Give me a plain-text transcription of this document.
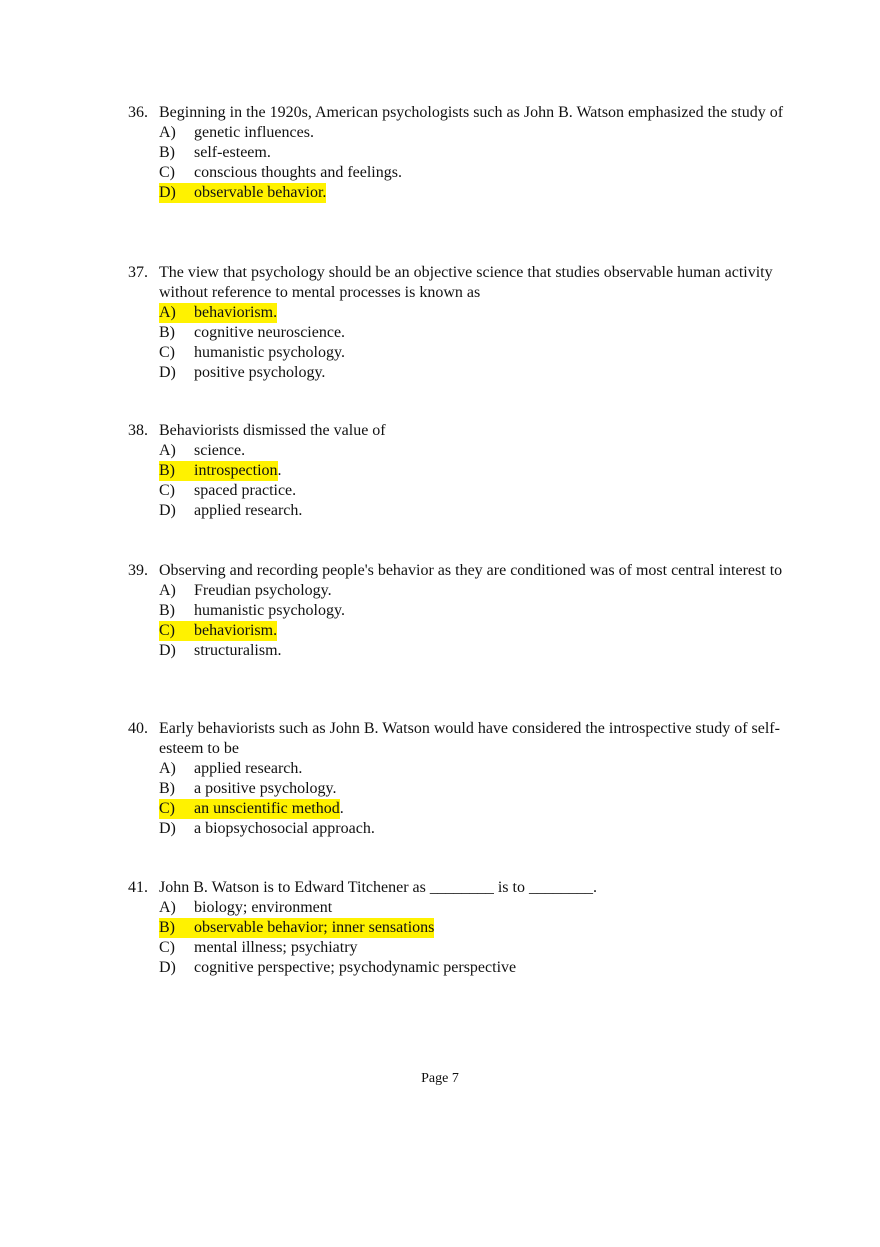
36. Beginning in the 1920s, American psychologists such as John B. Watson emphasized the study of
A)	genetic influences.
B)	self-esteem.
C)	conscious thoughts and feelings.
D)	observable behavior.
37. The view that psychology should be an objective science that studies observable human activity without reference to mental processes is known as
A)	behaviorism.
B)	cognitive neuroscience.
C)	humanistic psychology.
D)	positive psychology.
38. Behaviorists dismissed the value of
A)	science.
B)	introspection .
C)	spaced practice.
D)	applied research.
39. Observing and recording people's behavior as they are conditioned was of most central interest to
A)	Freudian psychology.
B)	humanistic psychology.
C)	behaviorism.
D)	structuralism.
40. Early behaviorists such as John B. Watson would have considered the introspective study of self-esteem to be
A)	applied research.
B)	a positive psychology.
C)	an unscientific method .
D)	a biopsychosocial approach.
41. John B. Watson is to Edward Titchener as ________ is to ________.
A)	biology; environment
B)	observable behavior; inner sensations
C)	mental illness; psychiatry
D)	cognitive perspective; psychodynamic perspective
Page 7
